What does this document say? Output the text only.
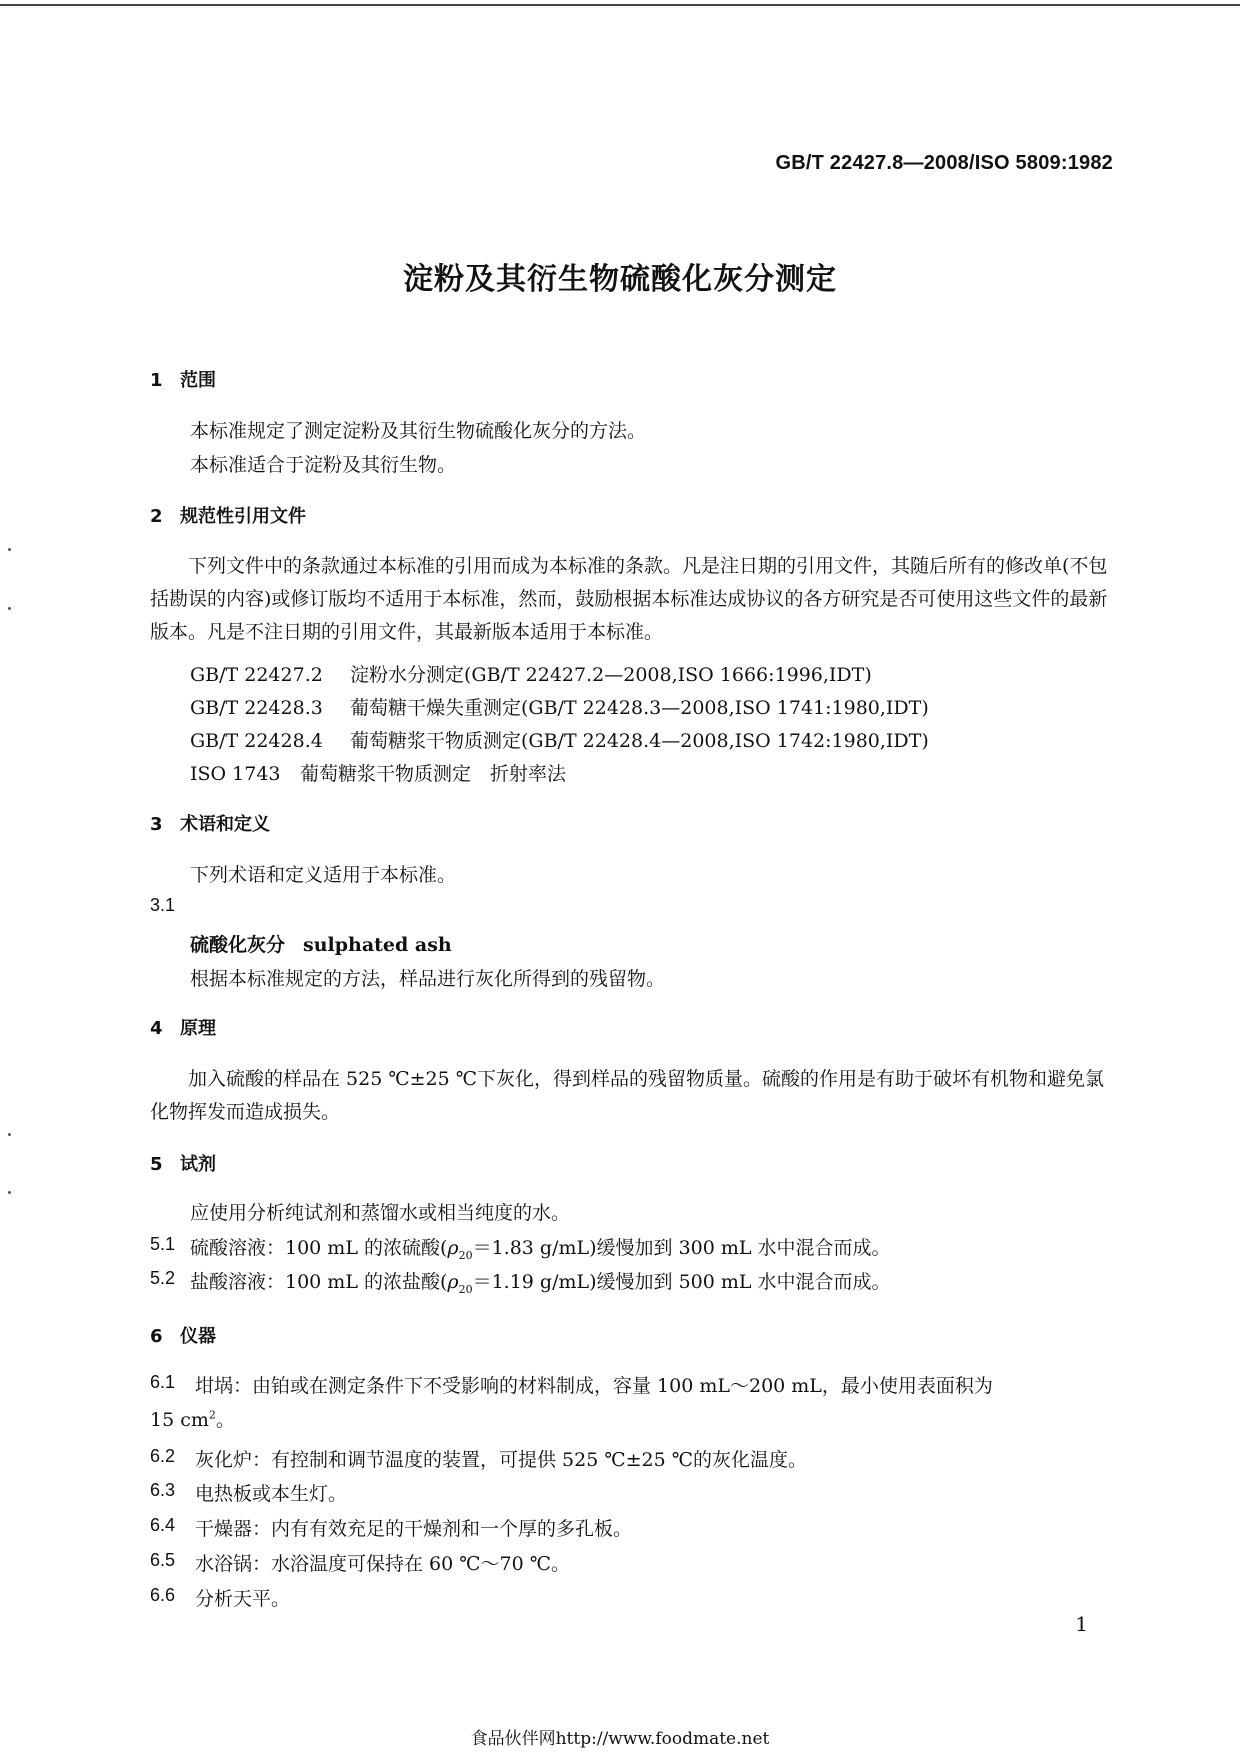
GB/T 22427.8—2008/ISO 5809:1982
淀粉及其衍生物硫酸化灰分测定
1 范围
本标准规定了测定淀粉及其衍生物硫酸化灰分的方法。
本标准适合于淀粉及其衍生物。
2 规范性引用文件

下列文件中的条款通过本标准的引用而成为本标准的条款。凡是注日期的引用文件，其随后所有的修改单(不包括勘误的内容)或修订版均不适用于本标准，然而，鼓励根据本标准达成协议的各方研究是否可使用这些文件的最新版本。凡是不注日期的引用文件，其最新版本适用于本标准。

GB/T 22427.2 淀粉水分测定(GB/T 22427.2—2008,ISO 1666:1996,IDT)
GB/T 22428.3 葡萄糖干燥失重测定(GB/T 22428.3—2008,ISO 1741:1980,IDT)
GB/T 22428.4 葡萄糖浆干物质测定(GB/T 22428.4—2008,ISO 1742:1980,IDT)
ISO 1743 葡萄糖浆干物质测定　折射率法
3 术语和定义
下列术语和定义适用于本标准。
3.1
硫酸化灰分 sulphated ash
根据本标准规定的方法，样品进行灰化所得到的残留物。
4 原理

加入硫酸的样品在 525 ℃±25 ℃下灰化，得到样品的残留物质量。硫酸的作用是有助于破坏有机物和避免氯化物挥发而造成损失。

5 试剂
应使用分析纯试剂和蒸馏水或相当纯度的水。
5.1 硫酸溶液：100 mL 的浓硫酸($\rho_{20}=1.83$ g/mL)缓慢加到 300 mL 水中混合而成。
5.2 盐酸溶液：100 mL 的浓盐酸($\rho_{20}=1.19$ g/mL)缓慢加到 500 mL 水中混合而成。
6 仪器
6.1 坩埚：由铂或在测定条件下不受影响的材料制成，容量 100 mL～200 mL，最小使用表面积为
15 $cm^2$。
6.2 灰化炉：有控制和调节温度的装置，可提供 525 ℃±25 ℃的灰化温度。
6.3 电热板或本生灯。
6.4 干燥器：内有有效充足的干燥剂和一个厚的多孔板。
6.5 水浴锅：水浴温度可保持在 60 ℃～70 ℃。
6.6 分析天平。
1
食品伙伴网http://www.foodmate.net
